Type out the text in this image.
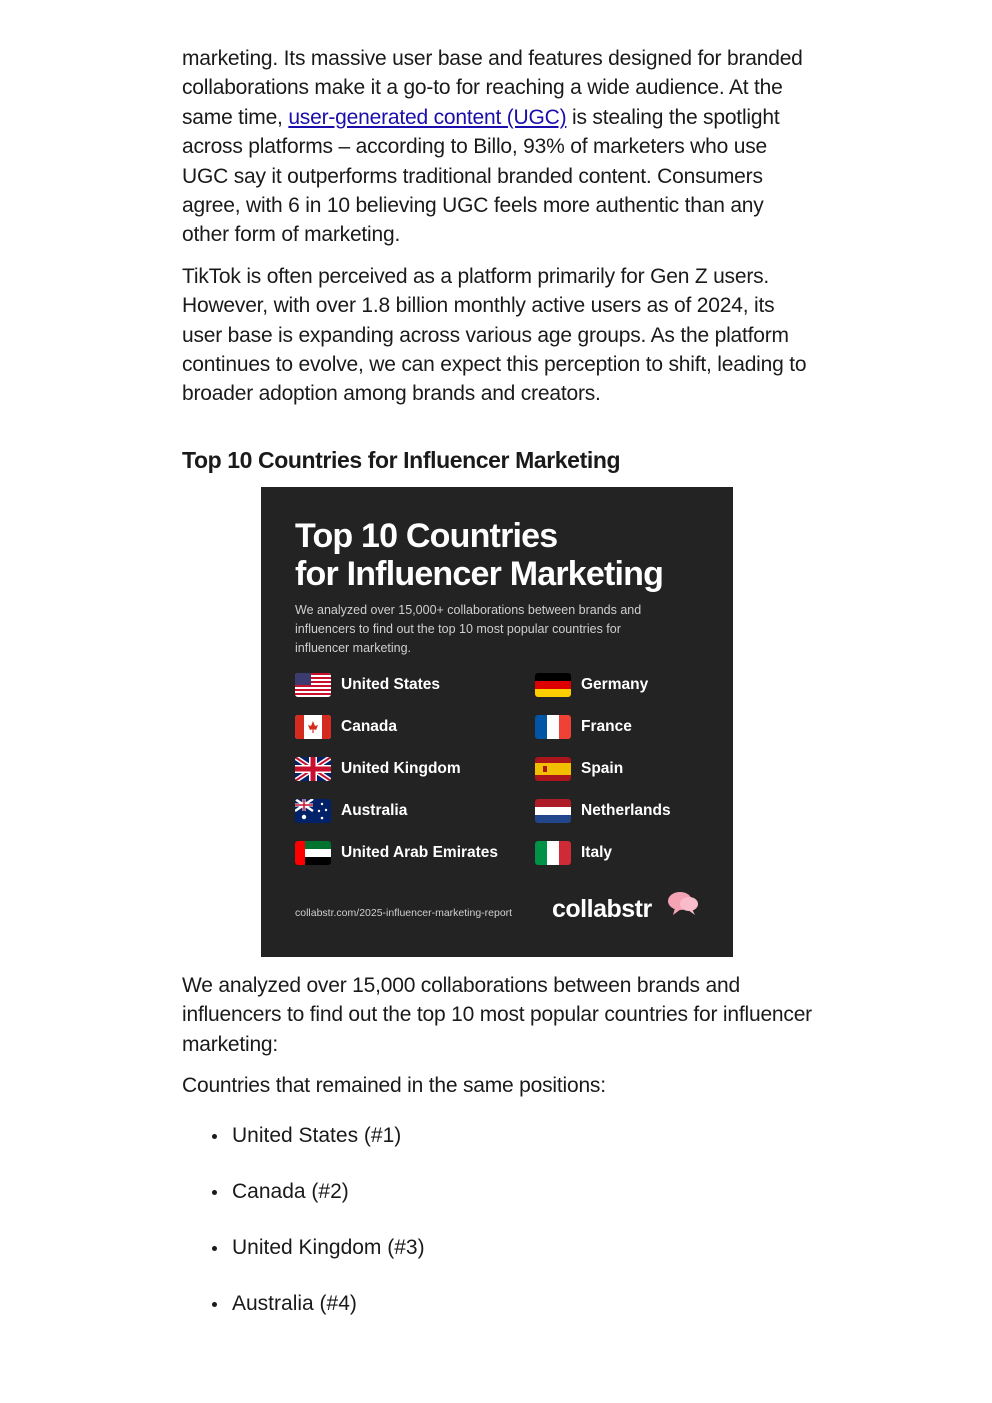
marketing. Its massive user base and features designed for branded collaborations make it a go-to for reaching a wide audience. At the same time, user-generated content (UGC) is stealing the spotlight across platforms – according to Billo, 93% of marketers who use UGC say it outperforms traditional branded content. Consumers agree, with 6 in 10 believing UGC feels more authentic than any other form of marketing.

TikTok is often perceived as a platform primarily for Gen Z users. However, with over 1.8 billion monthly active users as of 2024, its user base is expanding across various age groups. As the platform continues to evolve, we can expect this perception to shift, leading to broader adoption among brands and creators.

Top 10 Countries for Influencer Marketing
Top 10 Countries
for Influencer Marketing

We analyzed over 15,000+ collaborations between brands and influencers to find out the top 10 most popular countries for influencer marketing.

United States	Germany
Canada	France
United Kingdom	Spain
Australia	Netherlands
United Arab Emirates	Italy
collabstr.com/2025-influencer-marketing-report collabstr

We analyzed over 15,000 collaborations between brands and influencers to find out the top 10 most popular countries for influencer marketing:

Countries that remained in the same positions:

United States (#1)
Canada (#2)
United Kingdom (#3)
Australia (#4)
